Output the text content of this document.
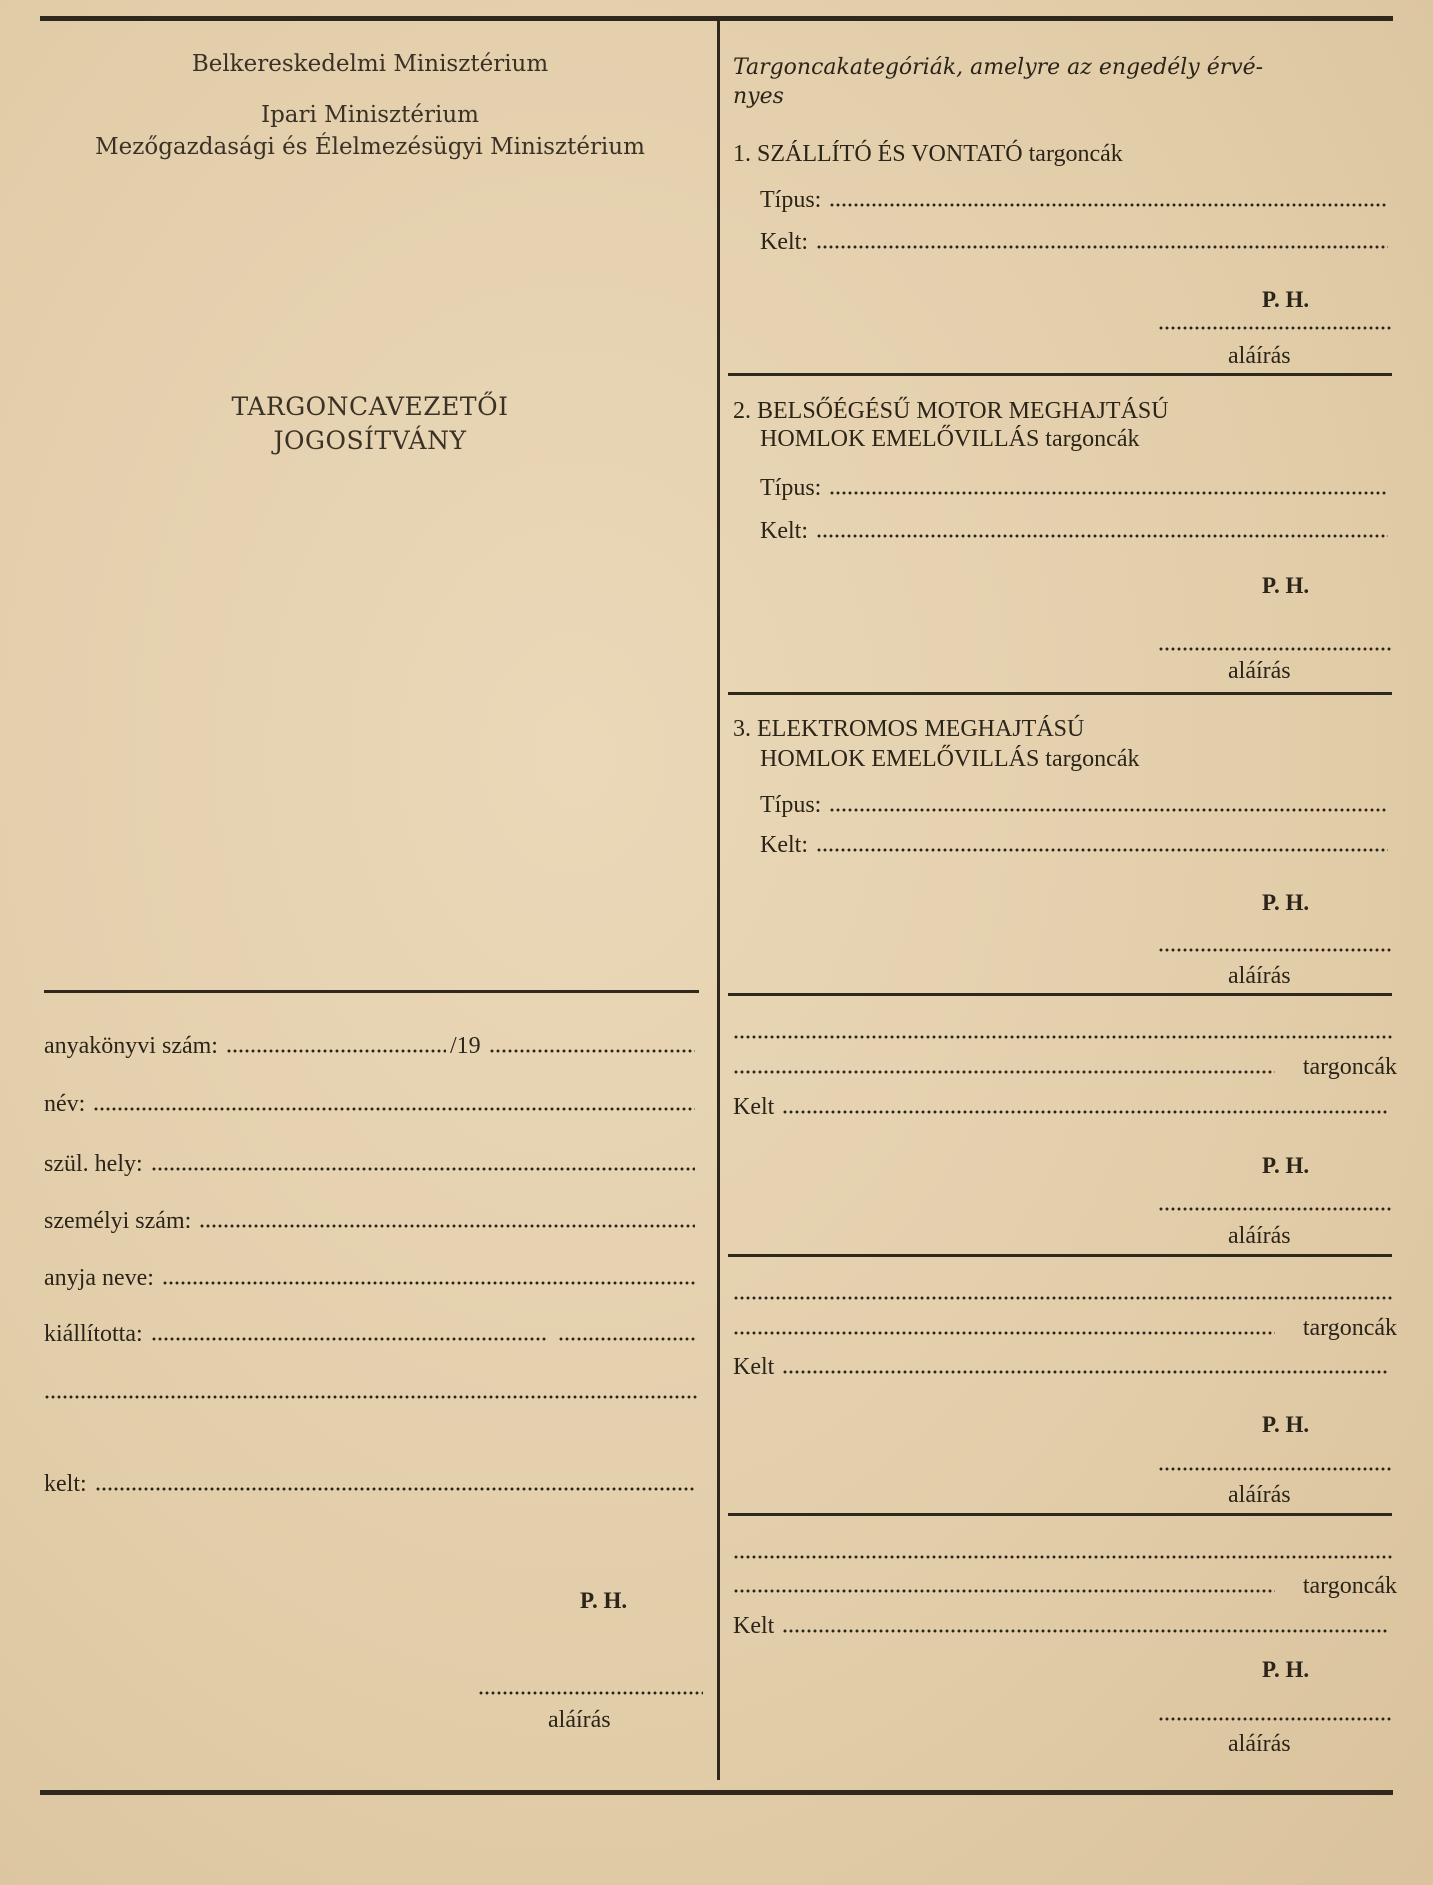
Belkereskedelmi Minisztérium
Ipari Minisztérium
Mezőgazdasági és Élelmezésügyi Minisztérium
TARGONCAVEZETŐI
JOGOSÍTVÁNY
anyakönyvi szám:	/19
név:
szül. hely:
személyi szám:
anyja neve:
kiállította:
kelt:
P. H.
aláírás
Targoncakategóriák, amelyre az engedély érvé-
nyes
1. SZÁLLÍTÓ ÉS VONTATÓ targoncák
Típus:
Kelt:
P. H.
aláírás
2. BELSŐÉGÉSŰ MOTOR MEGHAJTÁSÚ
HOMLOK EMELŐVILLÁS targoncák
Típus:
Kelt:
P. H.
aláírás
3. ELEKTROMOS MEGHAJTÁSÚ
HOMLOK EMELŐVILLÁS targoncák
Típus:
Kelt:
P. H.
aláírás
targoncák
Kelt
P. H.
aláírás
targoncák
Kelt
P. H.
aláírás
targoncák
Kelt
P. H.
aláírás
